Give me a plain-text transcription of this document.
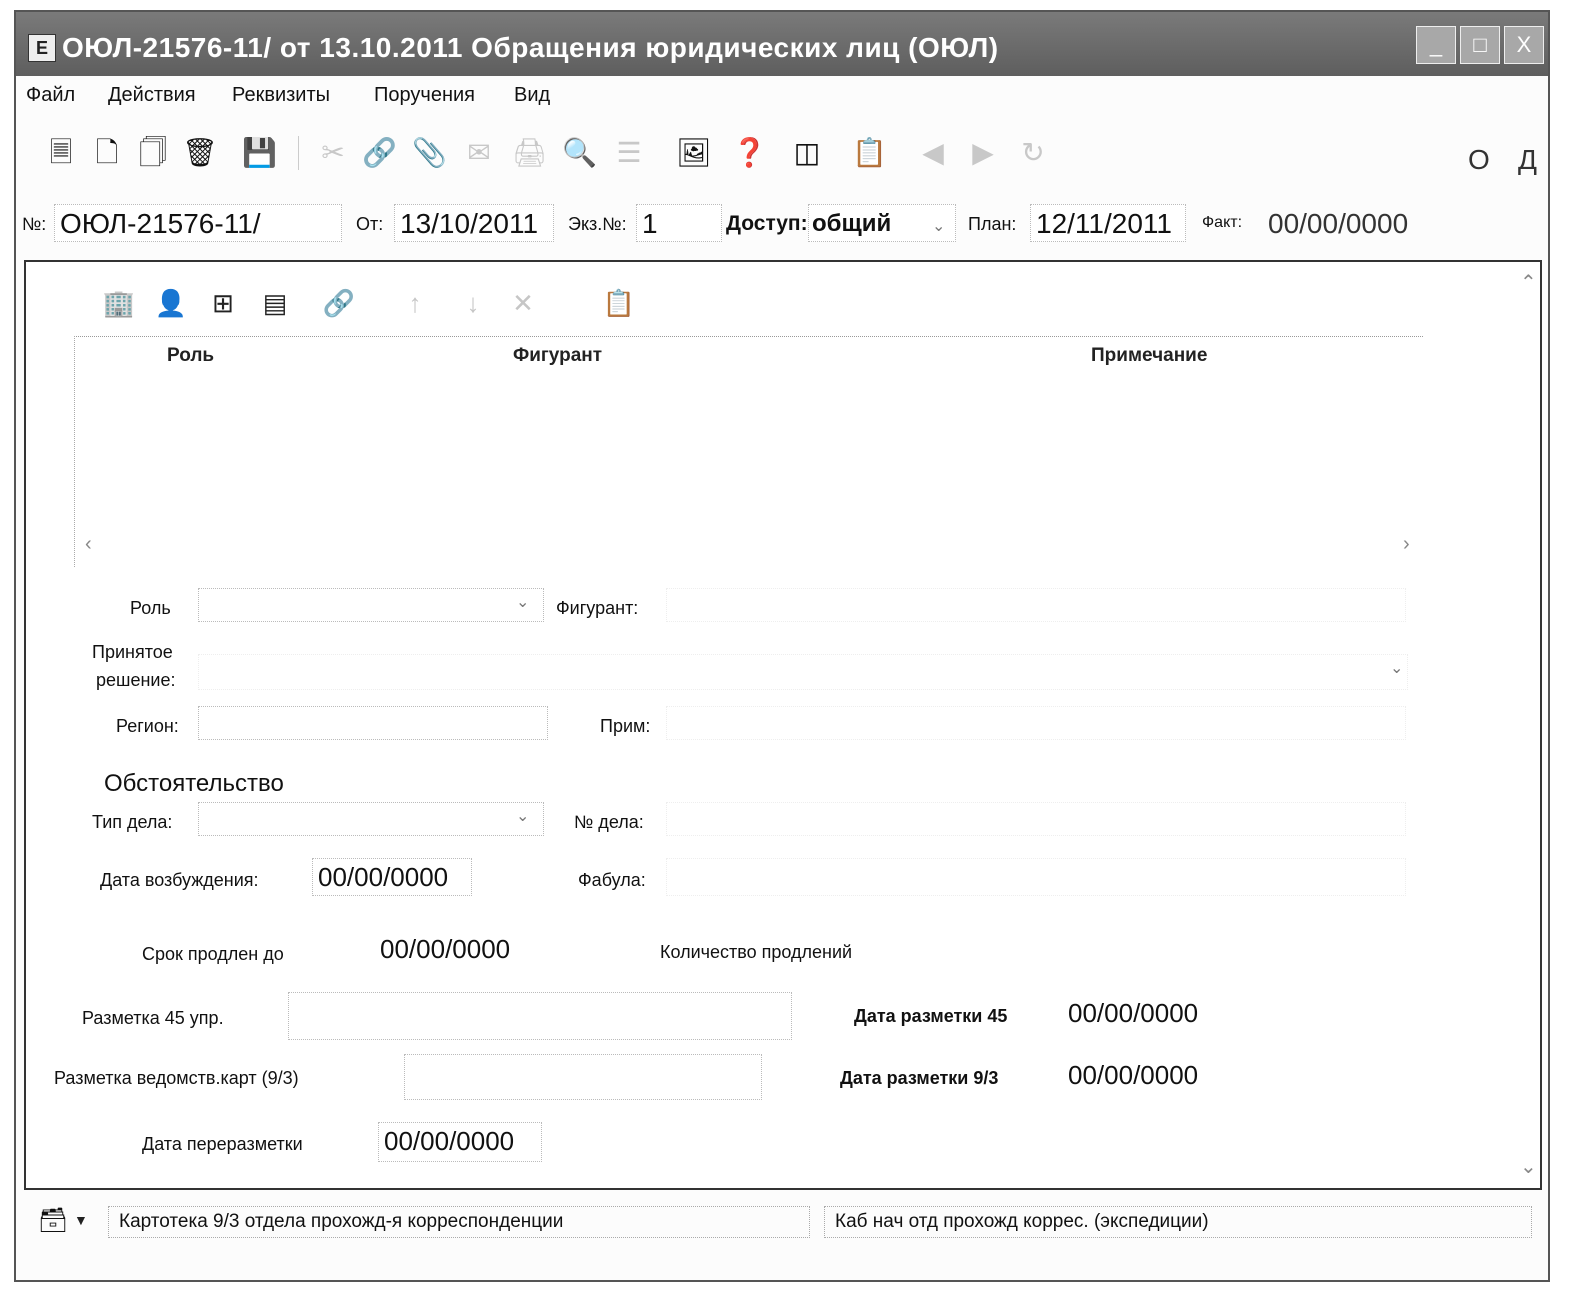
E ОЮЛ-21576-11/ от 13.10.2011 Обращения юридических лиц (ОЮЛ)	_	□	X
Файл Действия Реквизиты Поручения Вид
🗏 🗋 🗍 🗑 💾 ✂ 🔗 📎 ✉ 🖨 🔍 ☰ 🖼 ❓ ◫ 📋 ◀ ▶ ↻	О Д
№: ОЮЛ-21576-11/	От: 13/10/2011 Экз.№: 1	Доступ: общий	⌄ План: 12/11/2011 Факт: 00/00/0000
⌃
⌄
🏢 👤 ⊞ ▤ 🔗	↑	↓	✕	📋
Роль	Фигурант	Примечание
‹	›
Роль	⌄ Фигурант:
Принятое
решение:
⌄
Регион:	Прим:
Обстоятельство
Тип дела:	⌄ № дела:
Дата возбуждения: 00/00/0000	Фабула:
Срок продлен до	00/00/0000	Количество продлений
Разметка 45 упр.	Дата разметки 45 00/00/0000
Разметка ведомств.карт (9/3)	Дата разметки 9/3	00/00/0000
Дата переразметки	00/00/0000
🗃 ▼	Картотека 9/3 отдела прохожд-я корреспонденции	Каб нач отд прохожд коррес. (экспедиции)
